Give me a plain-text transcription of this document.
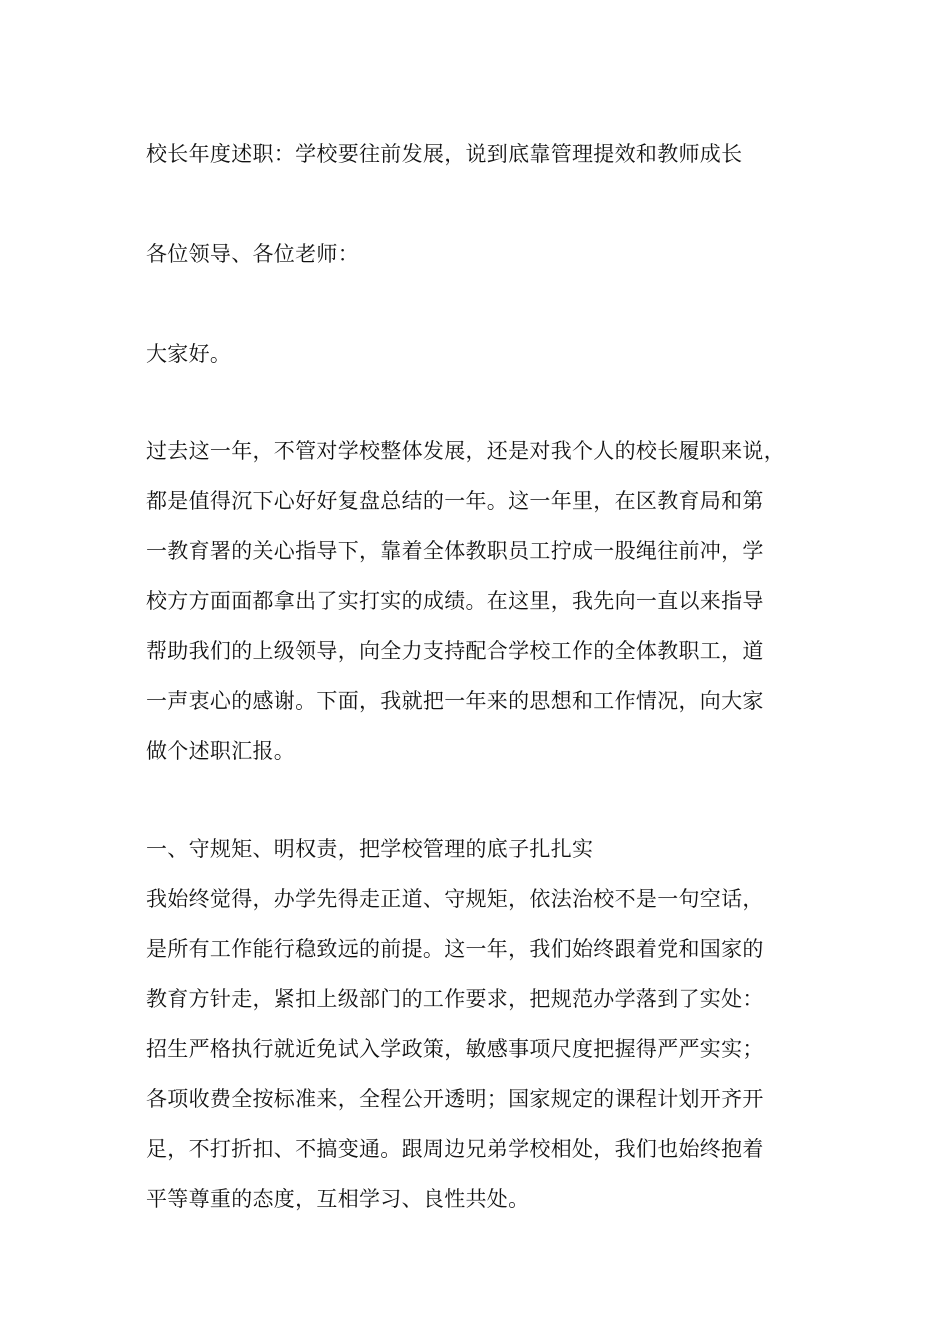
校长年度述职：学校要往前发展，说到底靠管理提效和教师成长

各位领导、各位老师：

大家好。

过去这一年，不管对学校整体发展，还是对我个人的校长履职来说，

都是值得沉下心好好复盘总结的一年。这一年里，在区教育局和第

一教育署的关心指导下，靠着全体教职员工拧成一股绳往前冲，学

校方方面面都拿出了实打实的成绩。在这里，我先向一直以来指导

帮助我们的上级领导，向全力支持配合学校工作的全体教职工，道

一声衷心的感谢。下面，我就把一年来的思想和工作情况，向大家

做个述职汇报。

一、守规矩、明权责，把学校管理的底子扎扎实

我始终觉得，办学先得走正道、守规矩，依法治校不是一句空话，

是所有工作能行稳致远的前提。这一年，我们始终跟着党和国家的

教育方针走，紧扣上级部门的工作要求，把规范办学落到了实处：

招生严格执行就近免试入学政策，敏感事项尺度把握得严严实实；

各项收费全按标准来，全程公开透明；国家规定的课程计划开齐开

足，不打折扣、不搞变通。跟周边兄弟学校相处，我们也始终抱着

平等尊重的态度，互相学习、良性共处。
